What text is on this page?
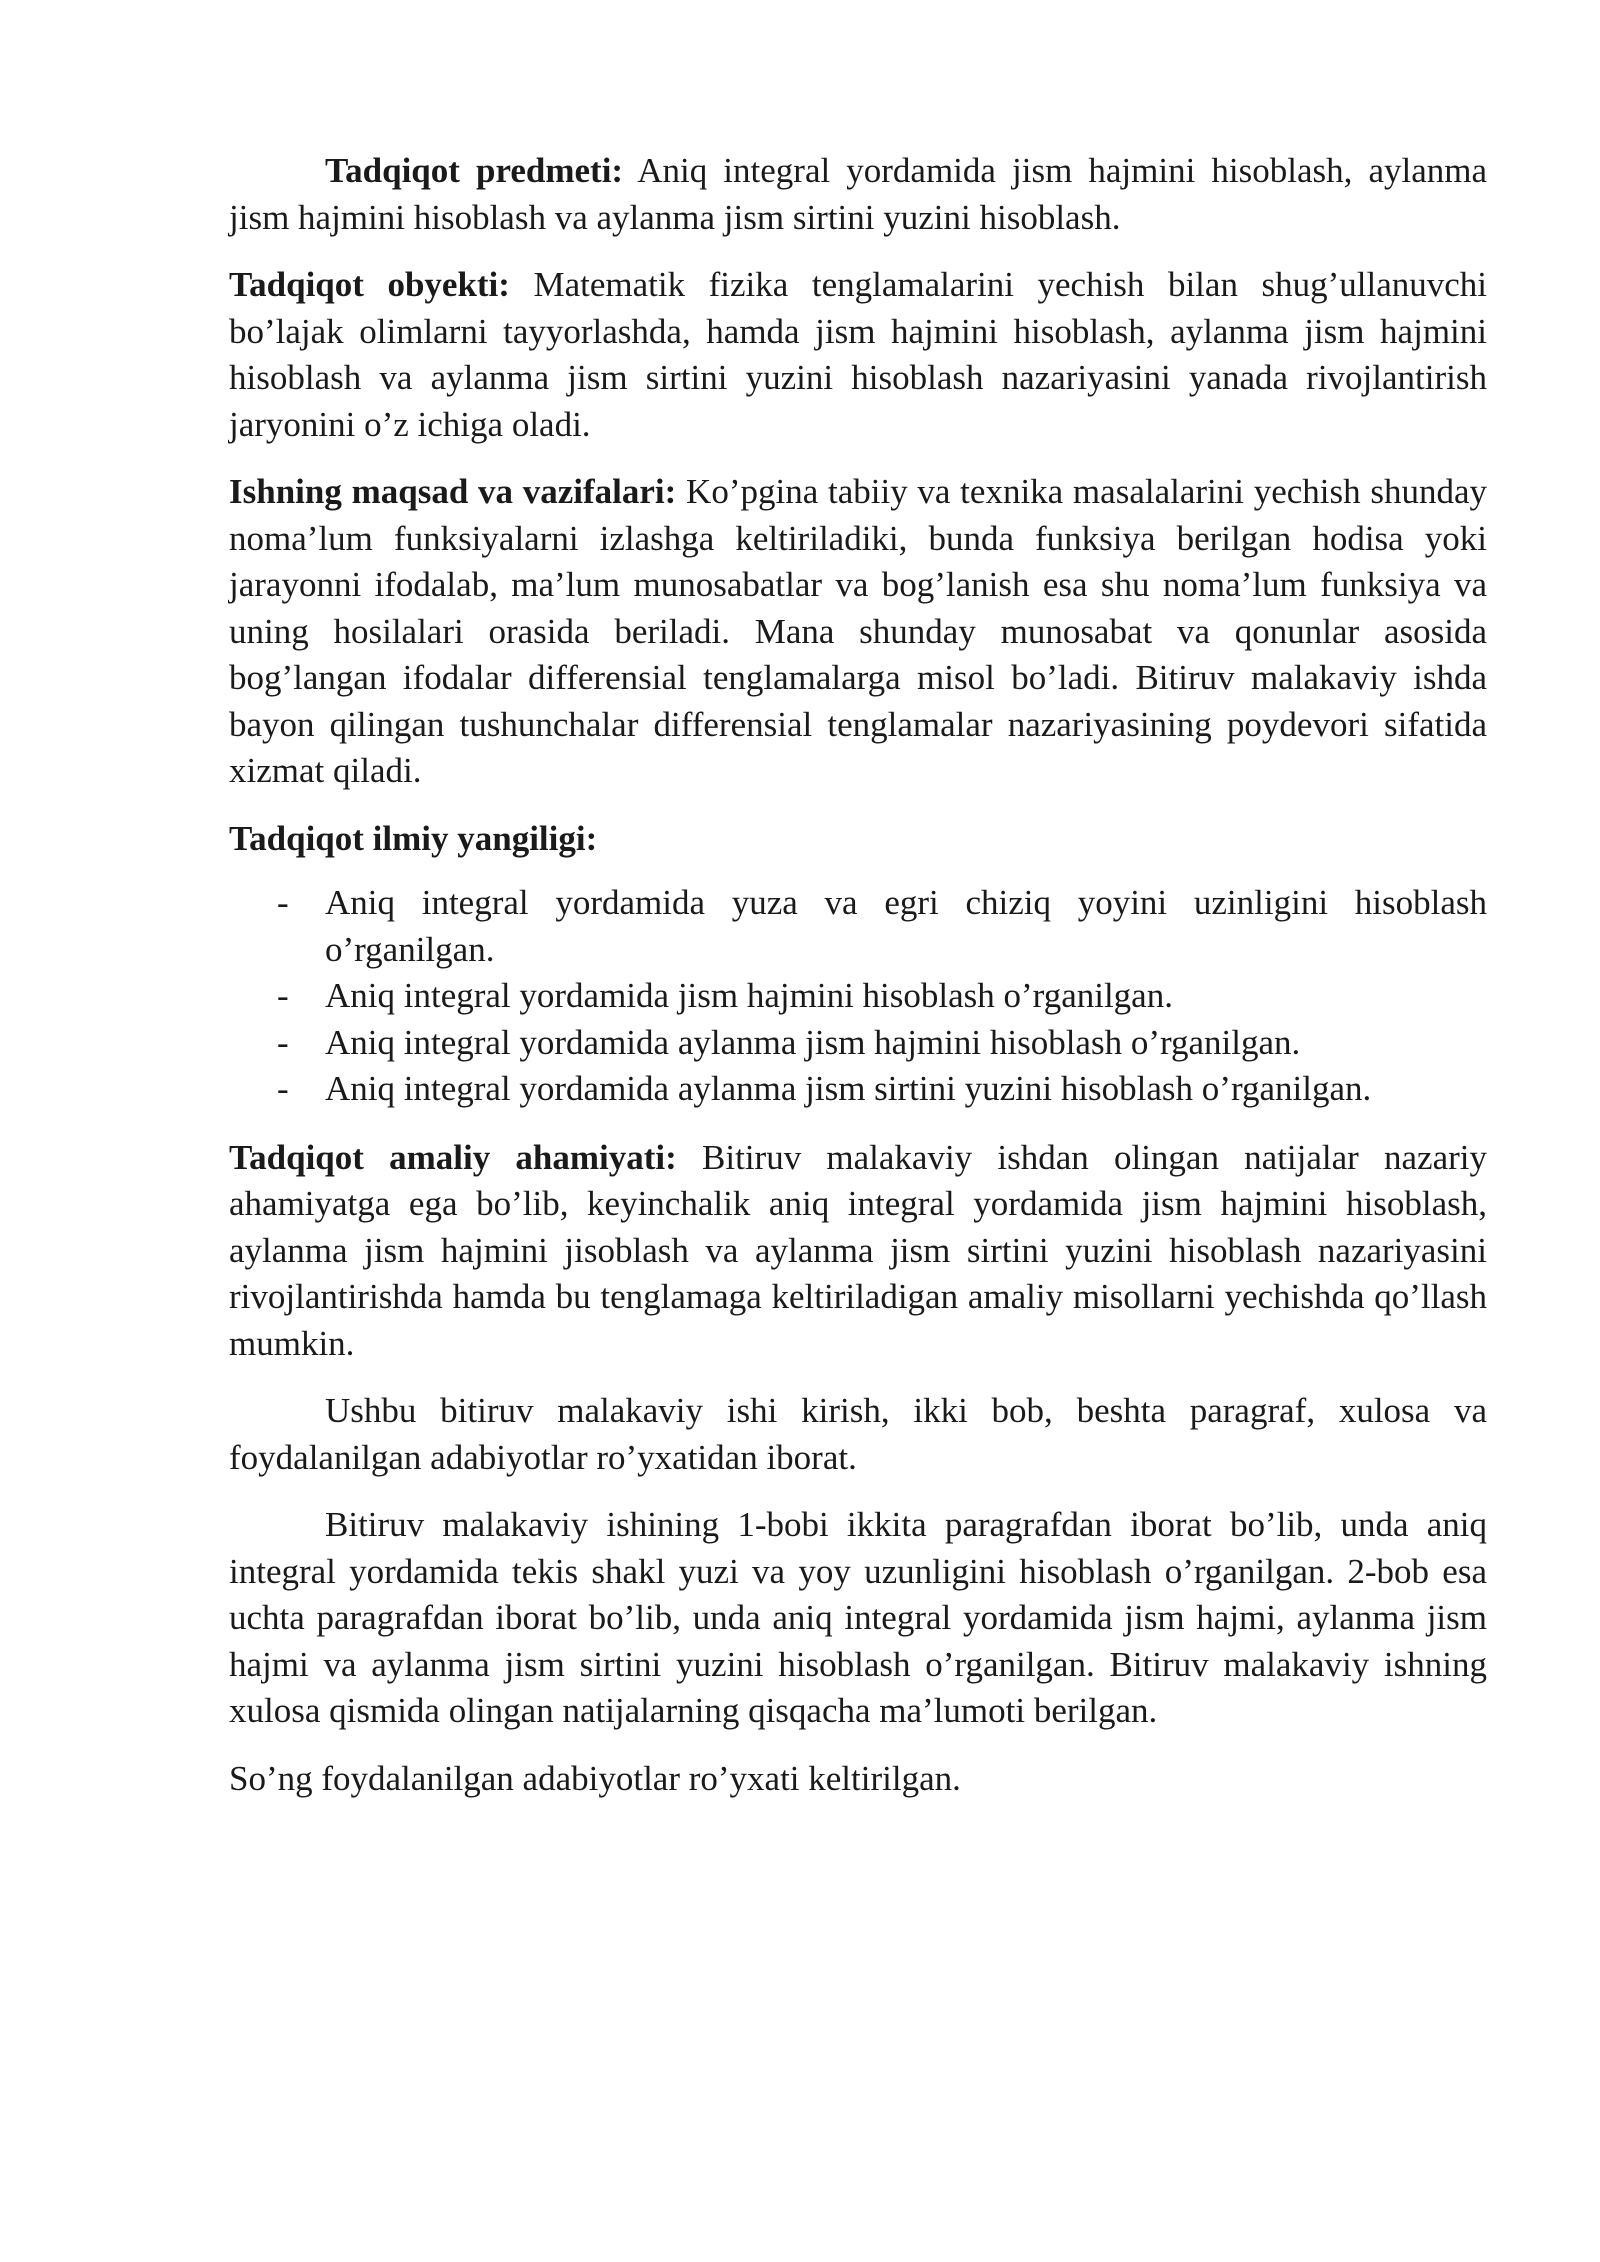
Tadqiqot predmeti: Aniq integral yordamida jism hajmini hisoblash, aylanma jism hajmini hisoblash va aylanma jism sirtini yuzini hisoblash.

Tadqiqot obyekti: Matematik fizika tenglamalarini yechish bilan shug’ullanuvchi bo’lajak olimlarni tayyorlashda, hamda jism hajmini hisoblash, aylanma jism hajmini hisoblash va aylanma jism sirtini yuzini hisoblash nazariyasini yanada rivojlantirish jaryonini o’z ichiga oladi.

Ishning maqsad va vazifalari: Ko’pgina tabiiy va texnika masalalarini yechish shunday noma’lum funksiyalarni izlashga keltiriladiki, bunda funksiya berilgan hodisa yoki jarayonni ifodalab, ma’lum munosabatlar va bog’lanish esa shu noma’lum funksiya va uning hosilalari orasida beriladi. Mana shunday munosabat va qonunlar asosida bog’langan ifodalar differensial tenglamalarga misol bo’ladi. Bitiruv malakaviy ishda bayon qilingan tushunchalar differensial tenglamalar nazariyasining poydevori sifatida xizmat qiladi.

Tadqiqot ilmiy yangiligi:

- Aniq integral yordamida yuza va egri chiziq yoyini uzinligini hisoblash o’rganilgan.
- Aniq integral yordamida jism hajmini hisoblash o’rganilgan.
- Aniq integral yordamida aylanma jism hajmini hisoblash o’rganilgan.
- Aniq integral yordamida aylanma jism sirtini yuzini hisoblash o’rganilgan.

Tadqiqot amaliy ahamiyati: Bitiruv malakaviy ishdan olingan natijalar nazariy ahamiyatga ega bo’lib, keyinchalik aniq integral yordamida jism hajmini hisoblash, aylanma jism hajmini jisoblash va aylanma jism sirtini yuzini hisoblash nazariyasini rivojlantirishda hamda bu tenglamaga keltiriladigan amaliy misollarni yechishda qo’llash mumkin.

Ushbu bitiruv malakaviy ishi kirish, ikki bob, beshta paragraf, xulosa va foydalanilgan adabiyotlar ro’yxatidan iborat.

Bitiruv malakaviy ishining 1-bobi ikkita paragrafdan iborat bo’lib, unda aniq integral yordamida tekis shakl yuzi va yoy uzunligini hisoblash o’rganilgan. 2-bob esa uchta paragrafdan iborat bo’lib, unda aniq integral yordamida jism hajmi, aylanma jism hajmi va aylanma jism sirtini yuzini hisoblash o’rganilgan. Bitiruv malakaviy ishning xulosa qismida olingan natijalarning qisqacha ma’lumoti berilgan.

So’ng foydalanilgan adabiyotlar ro’yxati keltirilgan.
